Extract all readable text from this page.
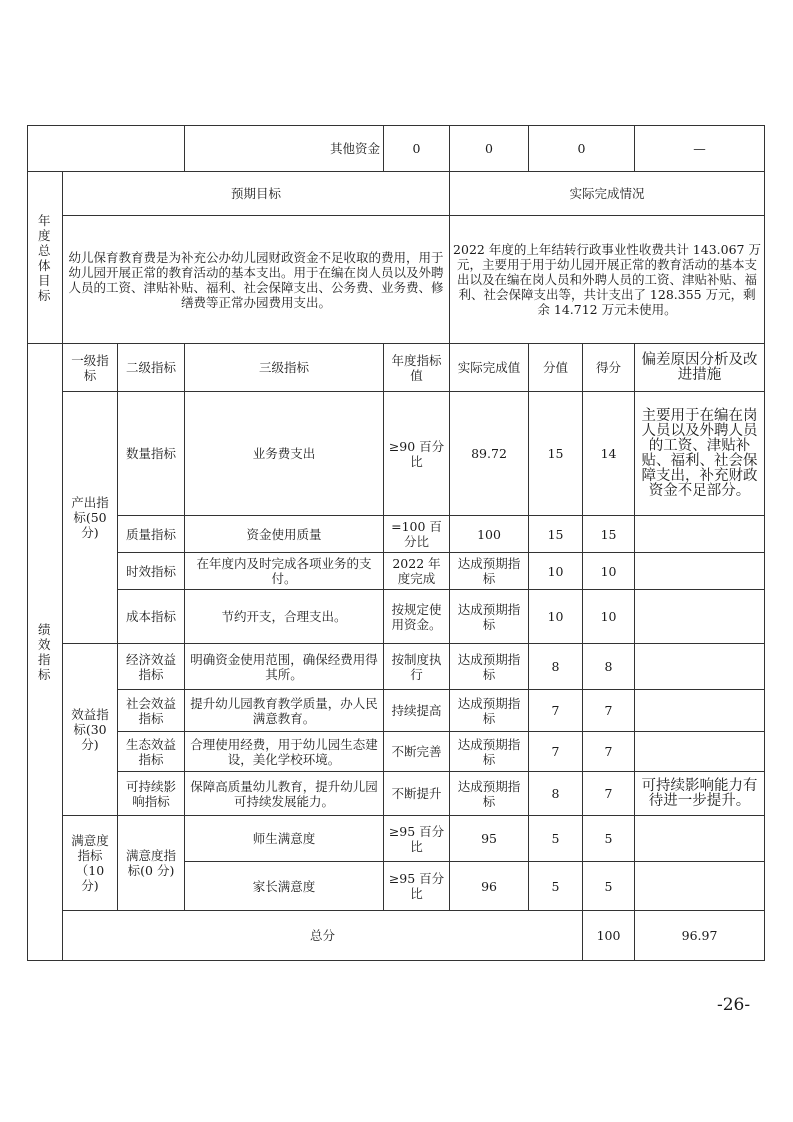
			其他资金	0	0	0		—	
年度总体目标	预期目标				实际完成情况				
	幼儿保育教育费是为补充公办幼儿园财政资金不足收取的费用，用于幼儿园开展正常的教育活动的基本支出。用于在编在岗人员以及外聘人员的工资、津贴补贴、福利、社会保障支出、公务费、业务费、修缮费等正常办园费用支出。				2022 年度的上年结转行政事业性收费共计 143.067 万元，主要用于用于幼儿园开展正常的教育活动的基本支出以及在编在岗人员和外聘人员的工资、津贴补贴、福利、社会保障支出等，共计支出了 128.355 万元，剩余 14.712 万元未使用。				
绩效指标	一级指标	二级指标	三级指标	年度指标值	实际完成值	分值	得分	偏差原因分析及改进措施	
	产出指标(50 分)	数量指标	业务费支出	≥90 百分比	89.72	15	14	主要用于在编在岗人员以及外聘人员的工资、津贴补贴、福利、社会保障支出，补充财政资金不足部分。	
		质量指标	资金使用质量	=100 百分比	100	15	15		
		时效指标	在年度内及时完成各项业务的支付。	2022 年度完成	达成预期指标	10	10		
		成本指标	节约开支，合理支出。	按规定使用资金。	达成预期指标	10	10		
	效益指标(30 分)	经济效益指标	明确资金使用范围，确保经费用得其所。	按制度执行	达成预期指标	8	8		
		社会效益指标	提升幼儿园教育教学质量，办人民满意教育。	持续提高	达成预期指标	7	7		
		生态效益指标	合理使用经费，用于幼儿园生态建设，美化学校环境。	不断完善	达成预期指标	7	7		
		可持续影响指标	保障高质量幼儿教育，提升幼儿园可持续发展能力。	不断提升	达成预期指标	8	7	可持续影响能力有待进一步提升。	
	满意度指标（10 分)	满意度指标(0 分)	师生满意度	≥95 百分比	95	5	5		
			家长满意度	≥95 百分比	96	5	5		
	总分						100	96.97	
-26-
